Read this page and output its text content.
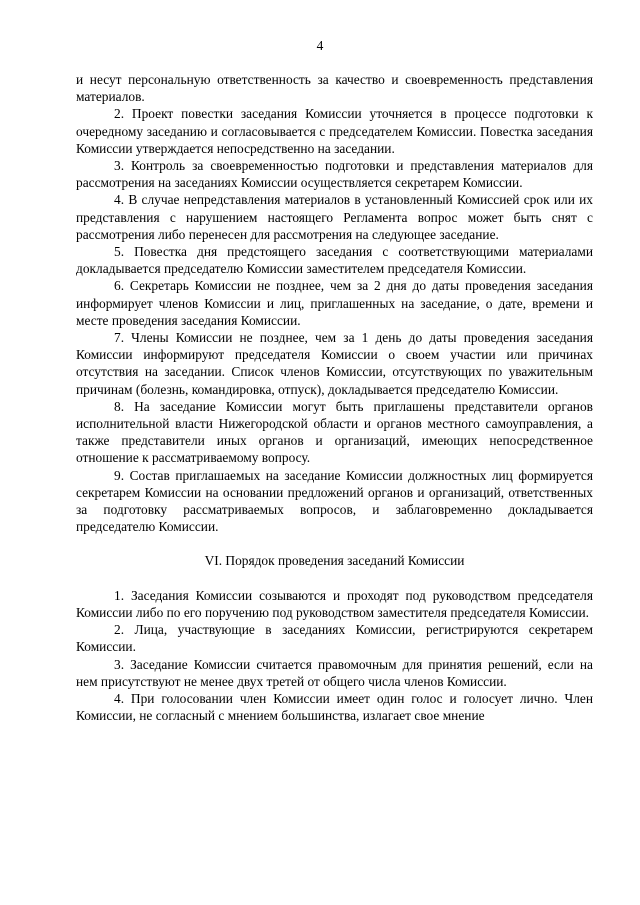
4

и несут персональную ответственность за качество и своевременность представления материалов.

2. Проект повестки заседания Комиссии уточняется в процессе подготовки к очередному заседанию и согласовывается с председателем Комиссии. Повестка заседания Комиссии утверждается непосредственно на заседании.

3. Контроль за своевременностью подготовки и представления материалов для рассмотрения на заседаниях Комиссии осуществляется секретарем Комиссии.

4. В случае непредставления материалов в установленный Комиссией срок или их представления с нарушением настоящего Регламента вопрос может быть снят с рассмотрения либо перенесен для рассмотрения на следующее заседание.

5. Повестка дня предстоящего заседания с соответствующими материалами докладывается председателю Комиссии заместителем председателя Комиссии.

6. Секретарь Комиссии не позднее, чем за 2 дня до даты проведения заседания информирует членов Комиссии и лиц, приглашенных на заседание, о дате, времени и месте проведения заседания Комиссии.

7. Члены Комиссии не позднее, чем за 1 день до даты проведения заседания Комиссии информируют председателя Комиссии о своем участии или причинах отсутствия на заседании. Список членов Комиссии, отсутствующих по уважительным причинам (болезнь, командировка, отпуск), докладывается председателю Комиссии.

8. На заседание Комиссии могут быть приглашены представители органов исполнительной власти Нижегородской области и органов местного самоуправления, а также представители иных органов и организаций, имеющих непосредственное отношение к рассматриваемому вопросу.

9. Состав приглашаемых на заседание Комиссии должностных лиц формируется секретарем Комиссии на основании предложений органов и организаций, ответственных за подготовку рассматриваемых вопросов, и заблаговременно докладывается председателю Комиссии.

VI. Порядок проведения заседаний Комиссии

1. Заседания Комиссии созываются и проходят под руководством председателя Комиссии либо по его поручению под руководством заместителя председателя Комиссии.

2. Лица, участвующие в заседаниях Комиссии, регистрируются секретарем Комиссии.

3. Заседание Комиссии считается правомочным для принятия решений, если на нем присутствуют не менее двух третей от общего числа членов Комиссии.

4. При голосовании член Комиссии имеет один голос и голосует лично. Член Комиссии, не согласный с мнением большинства, излагает свое мнение
